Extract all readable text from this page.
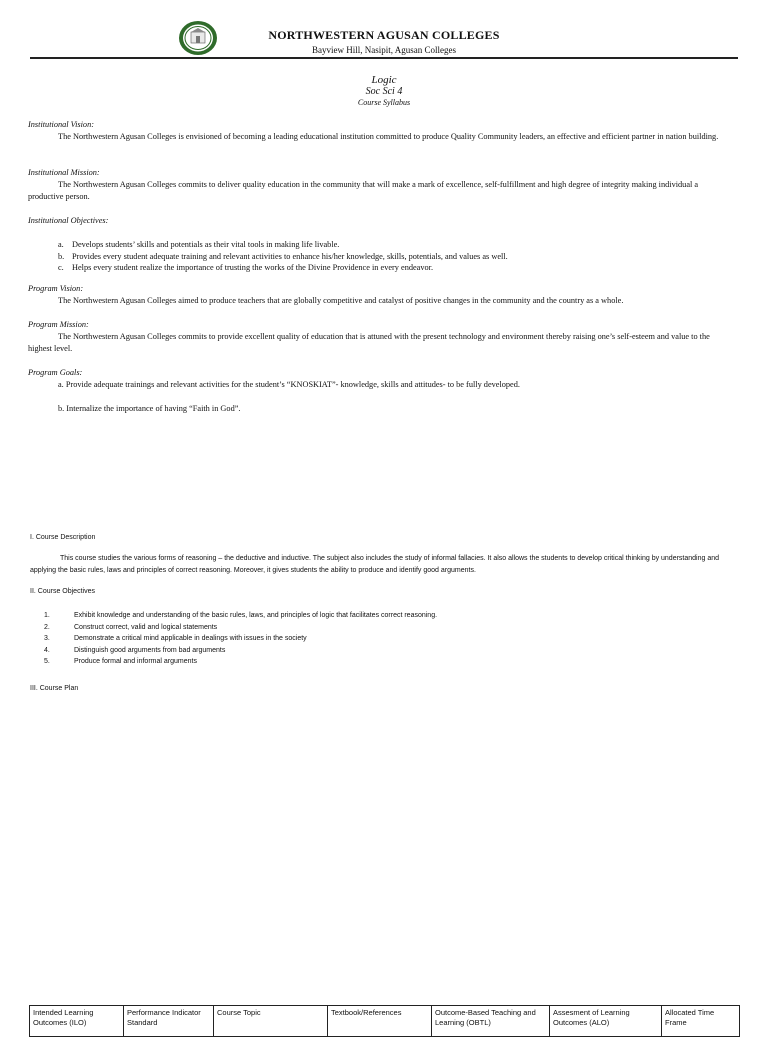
NORTHWESTERN AGUSAN COLLEGES
Bayview Hill, Nasipit, Agusan Colleges
Logic
Soc Sci 4
Course Syllabus
Institutional Vision:
The Northwestern Agusan Colleges is envisioned of becoming a leading educational institution committed to produce Quality Community leaders, an effective and efficient partner in nation building.
Institutional Mission:
The Northwestern Agusan Colleges commits to deliver quality education in the community that will make a mark of excellence, self-fulfillment and high degree of integrity making individual a productive person.
Institutional Objectives:
a. Develops students’ skills and potentials as their vital tools in making life livable.
b. Provides every student adequate training and relevant activities to enhance his/her knowledge, skills, potentials, and values as well.
c. Helps every student realize the importance of trusting the works of the Divine Providence in every endeavor.
Program Vision:
The Northwestern Agusan Colleges aimed to produce teachers that are globally competitive and catalyst of positive changes in the community and the country as a whole.
Program Mission:
The Northwestern Agusan Colleges commits to provide excellent quality of education that is attuned with the present technology and environment thereby raising one’s self-esteem and value to the highest level.
Program Goals:
a. Provide adequate trainings and relevant activities for the student’s “KNOSKIAT”- knowledge, skills and attitudes- to be fully developed.
b. Internalize the importance of having “Faith in God”.
I. Course Description
This course studies the various forms of reasoning – the deductive and inductive. The subject also includes the study of informal fallacies. It also allows the students to develop critical thinking by understanding and applying the basic rules, laws and principles of correct reasoning. Moreover, it gives students the ability to produce and identify good arguments.
II. Course Objectives
1.	Exhibit knowledge and understanding of the basic rules, laws, and principles of logic that facilitates correct reasoning.
2.	Construct correct, valid and logical statements
3.	Demonstrate a critical mind applicable in dealings with issues in the society
4.	Distinguish good arguments from bad arguments
5.	Produce formal and informal arguments
III. Course Plan
Intended Learning Outcomes (ILO)	Performance Indicator Standard	Course Topic	Textbook/References	Outcome-Based Teaching and Learning (OBTL)	Assesment of Learning Outcomes (ALO)	Allocated Time Frame
